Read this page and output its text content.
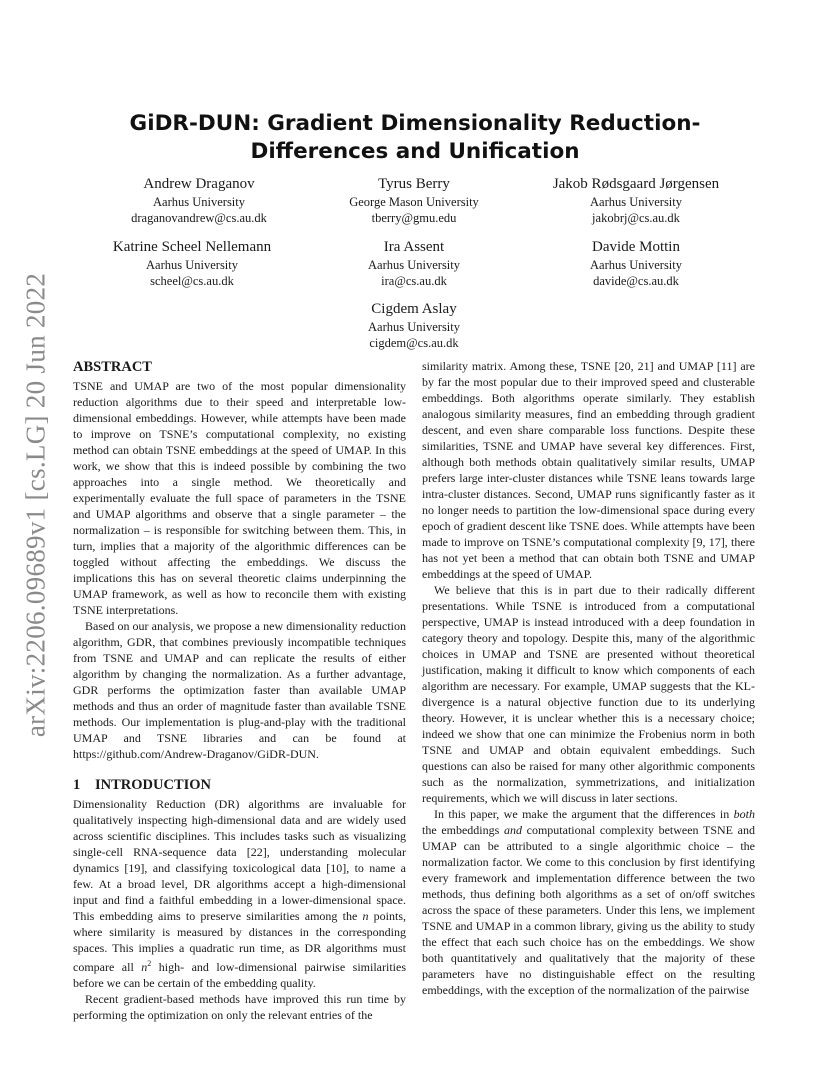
arXiv:2206.09689v1 [cs.LG] 20 Jun 2022
GiDR-DUN: Gradient Dimensionality Reduction-
Differences and Unification
Andrew Draganov
Aarhus University
draganovandrew@cs.au.dk
Tyrus Berry
George Mason University
tberry@gmu.edu
Jakob Rødsgaard Jørgensen
Aarhus University
jakobrj@cs.au.dk
Katrine Scheel Nellemann
Aarhus University
scheel@cs.au.dk
Ira Assent
Aarhus University
ira@cs.au.dk
Davide Mottin
Aarhus University
davide@cs.au.dk
Cigdem Aslay
Aarhus University
cigdem@cs.au.dk
ABSTRACT

TSNE and UMAP are two of the most popular dimensionality reduction algorithms due to their speed and interpretable low-dimensional embeddings. However, while attempts have been made to improve on TSNE’s computational complexity, no existing method can obtain TSNE embeddings at the speed of UMAP. In this work, we show that this is indeed possible by combining the two approaches into a single method. We theoretically and experimentally evaluate the full space of parameters in the TSNE and UMAP algorithms and observe that a single parameter – the normalization – is responsible for switching between them. This, in turn, implies that a majority of the algorithmic differences can be toggled without affecting the embeddings. We discuss the implications this has on several theoretic claims underpinning the UMAP framework, as well as how to reconcile them with existing TSNE interpretations.

Based on our analysis, we propose a new dimensionality reduction algorithm, GDR, that combines previously incompatible techniques from TSNE and UMAP and can replicate the results of either algorithm by changing the normalization. As a further advantage, GDR performs the optimization faster than available UMAP methods and thus an order of magnitude faster than available TSNE methods. Our implementation is plug-and-play with the traditional UMAP and TSNE libraries and can be found at https://github.com/Andrew-Draganov/GiDR-DUN.

1 INTRODUCTION

Dimensionality Reduction (DR) algorithms are invaluable for qualitatively inspecting high-dimensional data and are widely used across scientific disciplines. This includes tasks such as visualizing single-cell RNA-sequence data [22], understanding molecular dynamics [19], and classifying toxicological data [10], to name a few. At a broad level, DR algorithms accept a high-dimensional input and find a faithful embedding in a lower-dimensional space. This embedding aims to preserve similarities among the n points, where similarity is measured by distances in the corresponding spaces. This implies a quadratic run time, as DR algorithms must compare all $n^2$ high- and low-dimensional pairwise similarities before we can be certain of the embedding quality.

Recent gradient-based methods have improved this run time by performing the optimization on only the relevant entries of the

similarity matrix. Among these, TSNE [20, 21] and UMAP [11] are by far the most popular due to their improved speed and clusterable embeddings. Both algorithms operate similarly. They establish analogous similarity measures, find an embedding through gradient descent, and even share comparable loss functions. Despite these similarities, TSNE and UMAP have several key differences. First, although both methods obtain qualitatively similar results, UMAP prefers large inter-cluster distances while TSNE leans towards large intra-cluster distances. Second, UMAP runs significantly faster as it no longer needs to partition the low-dimensional space during every epoch of gradient descent like TSNE does. While attempts have been made to improve on TSNE’s computational complexity [9, 17], there has not yet been a method that can obtain both TSNE and UMAP embeddings at the speed of UMAP.

We believe that this is in part due to their radically different presentations. While TSNE is introduced from a computational perspective, UMAP is instead introduced with a deep foundation in category theory and topology. Despite this, many of the algorithmic choices in UMAP and TSNE are presented without theoretical justification, making it difficult to know which components of each algorithm are necessary. For example, UMAP suggests that the KL-divergence is a natural objective function due to its underlying theory. However, it is unclear whether this is a necessary choice; indeed we show that one can minimize the Frobenius norm in both TSNE and UMAP and obtain equivalent embeddings. Such questions can also be raised for many other algorithmic components such as the normalization, symmetrizations, and initialization requirements, which we will discuss in later sections.

In this paper, we make the argument that the differences in both the embeddings and computational complexity between TSNE and UMAP can be attributed to a single algorithmic choice – the normalization factor. We come to this conclusion by first identifying every framework and implementation difference between the two methods, thus defining both algorithms as a set of on/off switches across the space of these parameters. Under this lens, we implement TSNE and UMAP in a common library, giving us the ability to study the effect that each such choice has on the embeddings. We show both quantitatively and qualitatively that the majority of these parameters have no distinguishable effect on the resulting embeddings, with the exception of the normalization of the pairwise
